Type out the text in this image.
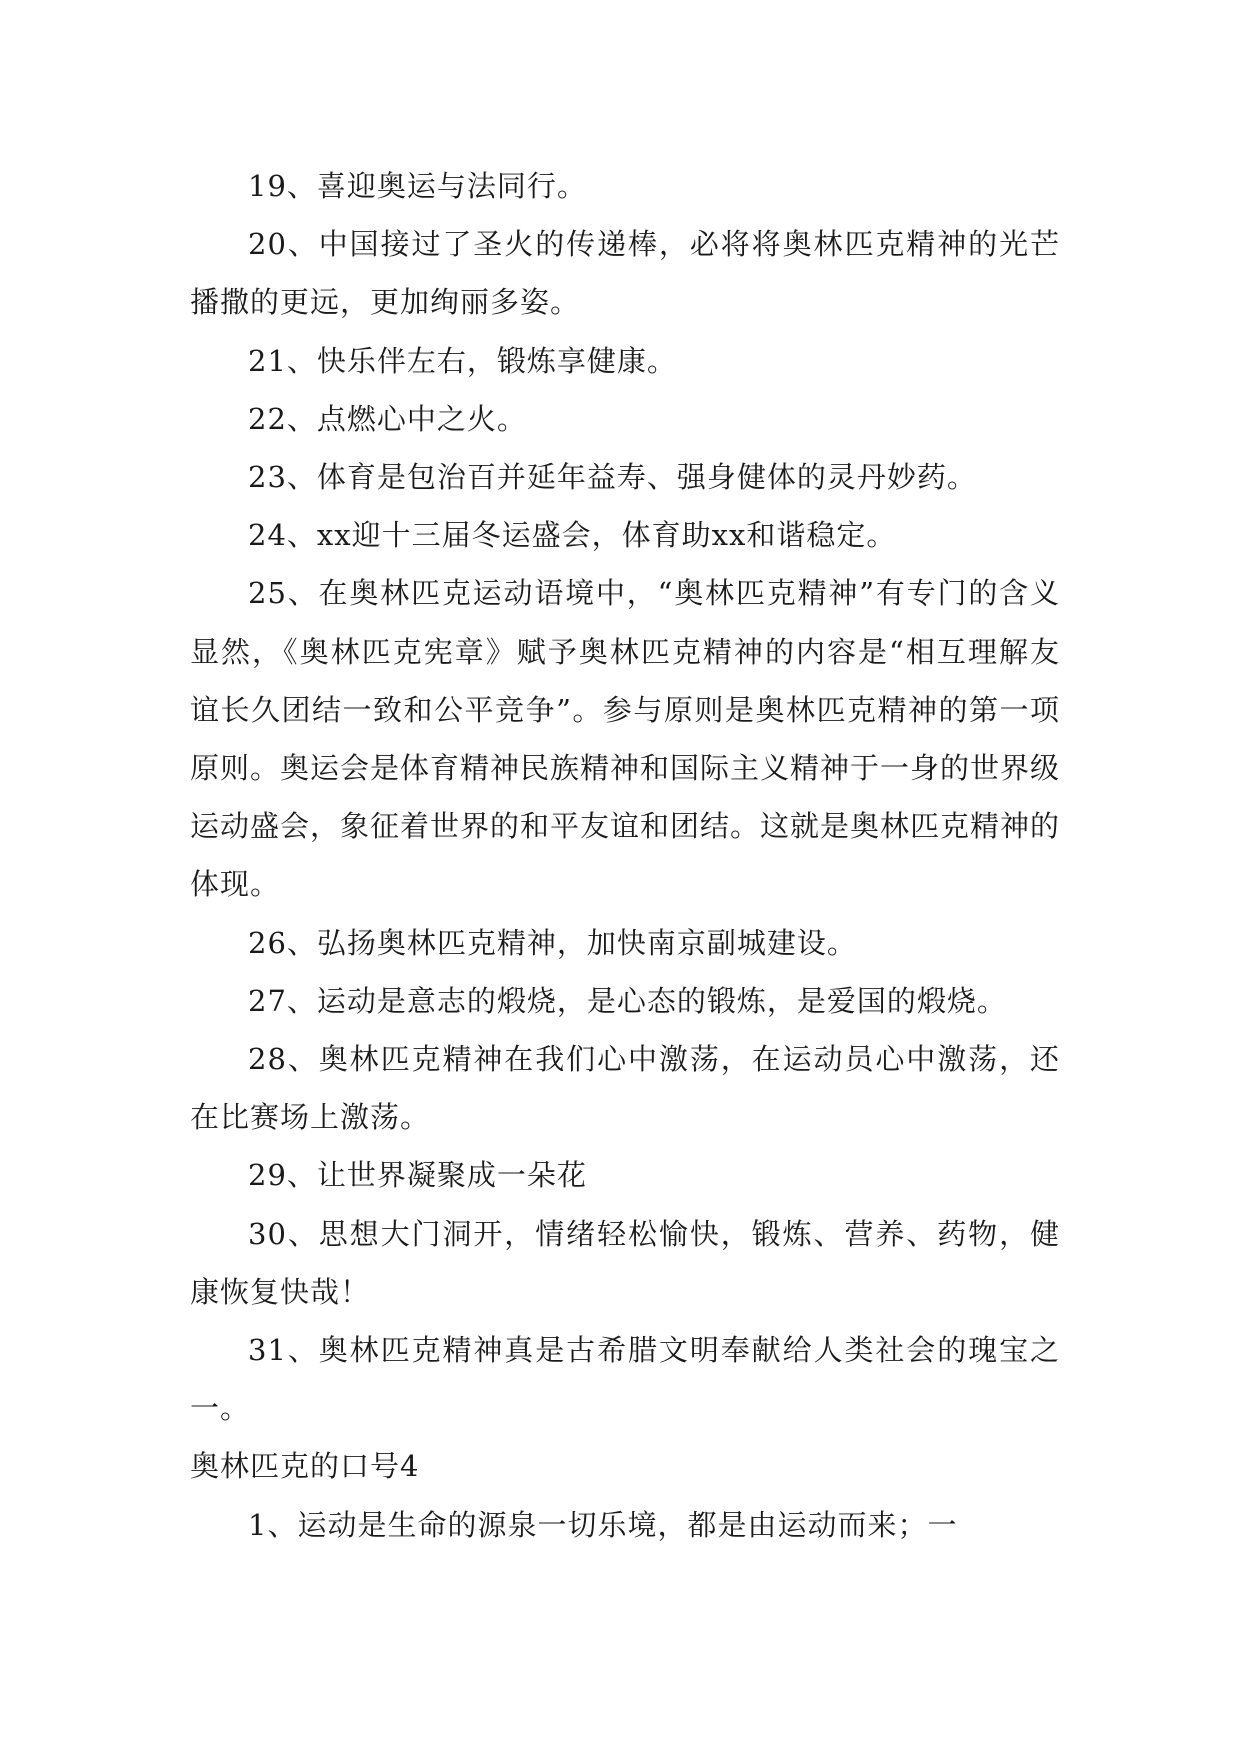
19、喜迎奥运与法同行。

20、中国接过了圣火的传递棒，必将将奥林匹克精神的光芒播撒的更远，更加绚丽多姿。

21、快乐伴左右，锻炼享健康。

22、点燃心中之火。

23、体育是包治百并延年益寿、强身健体的灵丹妙药。

24、xx迎十三届冬运盛会，体育助xx和谐稳定。

25、在奥林匹克运动语境中，“奥林匹克精神”有专门的含义显然，《奥林匹克宪章》赋予奥林匹克精神的内容是“相互理解友谊长久团结一致和公平竞争”。参与原则是奥林匹克精神的第一项原则。奥运会是体育精神民族精神和国际主义精神于一身的世界级运动盛会，象征着世界的和平友谊和团结。这就是奥林匹克精神的体现。

26、弘扬奥林匹克精神，加快南京副城建设。

27、运动是意志的煅烧，是心态的锻炼，是爱国的煅烧。

28、奥林匹克精神在我们心中激荡，在运动员心中激荡，还在比赛场上激荡。

29、让世界凝聚成一朵花

30、思想大门洞开，情绪轻松愉快，锻炼、营养、药物，健康恢复快哉！

31、奥林匹克精神真是古希腊文明奉献给人类社会的瑰宝之一。

奥林匹克的口号4

1、运动是生命的源泉一切乐境，都是由运动而来；一
